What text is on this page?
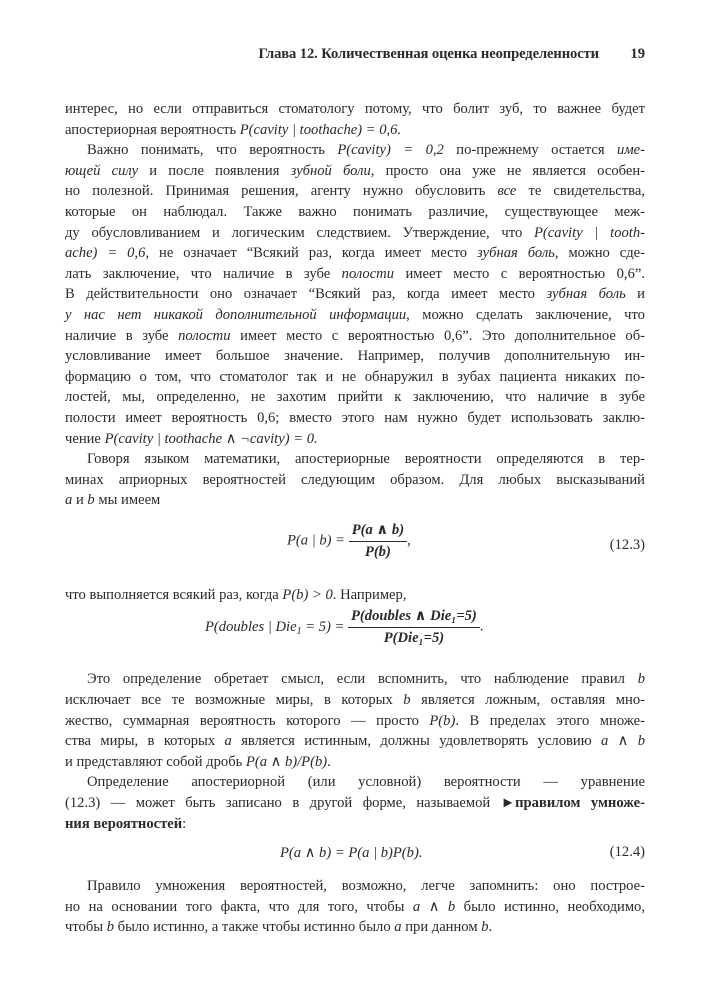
Глава 12. Количественная оценка неопределенности 19
интерес, но если отправиться стоматологу потому, что болит зуб, то важнее будет
апостериорная вероятность P(cavity | toothache) = 0,6.
Важно понимать, что вероятность P(cavity) = 0,2 по-прежнему остается име-
ющей силу и после появления зубной боли, просто она уже не является особен-
но полезной. Принимая решения, агенту нужно обусловить все те свидетельства,
которые он наблюдал. Также важно понимать различие, существующее меж-
ду обусловливанием и логическим следствием. Утверждение, что P(cavity | tooth-
ache) = 0,6, не означает “Всякий раз, когда имеет место зубная боль, можно сде-
лать заключение, что наличие в зубе полости имеет место с вероятностью 0,6”.
В действительности оно означает “Всякий раз, когда имеет место зубная боль и
у нас нет никакой дополнительной информации, можно сделать заключение, что
наличие в зубе полости имеет место с вероятностью 0,6”. Это дополнительное об-
условливание имеет большое значение. Например, получив дополнительную ин-
формацию о том, что стоматолог так и не обнаружил в зубах пациента никаких по-
лостей, мы, определенно, не захотим прийти к заключению, что наличие в зубе
полости имеет вероятность 0,6; вместо этого нам нужно будет использовать заклю-
чение P(cavity | toothache ∧ ¬cavity) = 0.
Говоря языком математики, апостериорные вероятности определяются в тер-
минах априорных вероятностей следующим образом. Для любых высказываний
a и b мы имеем
P(a | $b) = \frac{P(a \wedge b)}{P(b)}$ ,	(12.3)
что выполняется всякий раз, когда P(b) > 0. Например,
P(doubles | $Die_1 = 5) = \frac{\text{P(doubles ∧ Die₁=5)}}{\text{P(Die₁=5)}}$ .
Это определение обретает смысл, если вспомнить, что наблюдение правил b
исключает все те возможные миры, в которых b является ложным, оставляя мно-
жество, суммарная вероятность которого — просто P(b). В пределах этого множе-
ства миры, в которых a является истинным, должны удовлетворять условию a ∧ b
и представляют собой дробь P(a ∧ b)/P(b).
Определение апостериорной (или условной) вероятности — уравнение
(12.3) — может быть записано в другой форме, называемой ►правилом умноже-
ния вероятностей:
P(a ∧ b) = P(a | b)P(b).	(12.4)
Правило умножения вероятностей, возможно, легче запомнить: оно построе-
но на основании того факта, что для того, чтобы a ∧ b было истинно, необходимо,
чтобы b было истинно, а также чтобы истинно было a при данном b.
